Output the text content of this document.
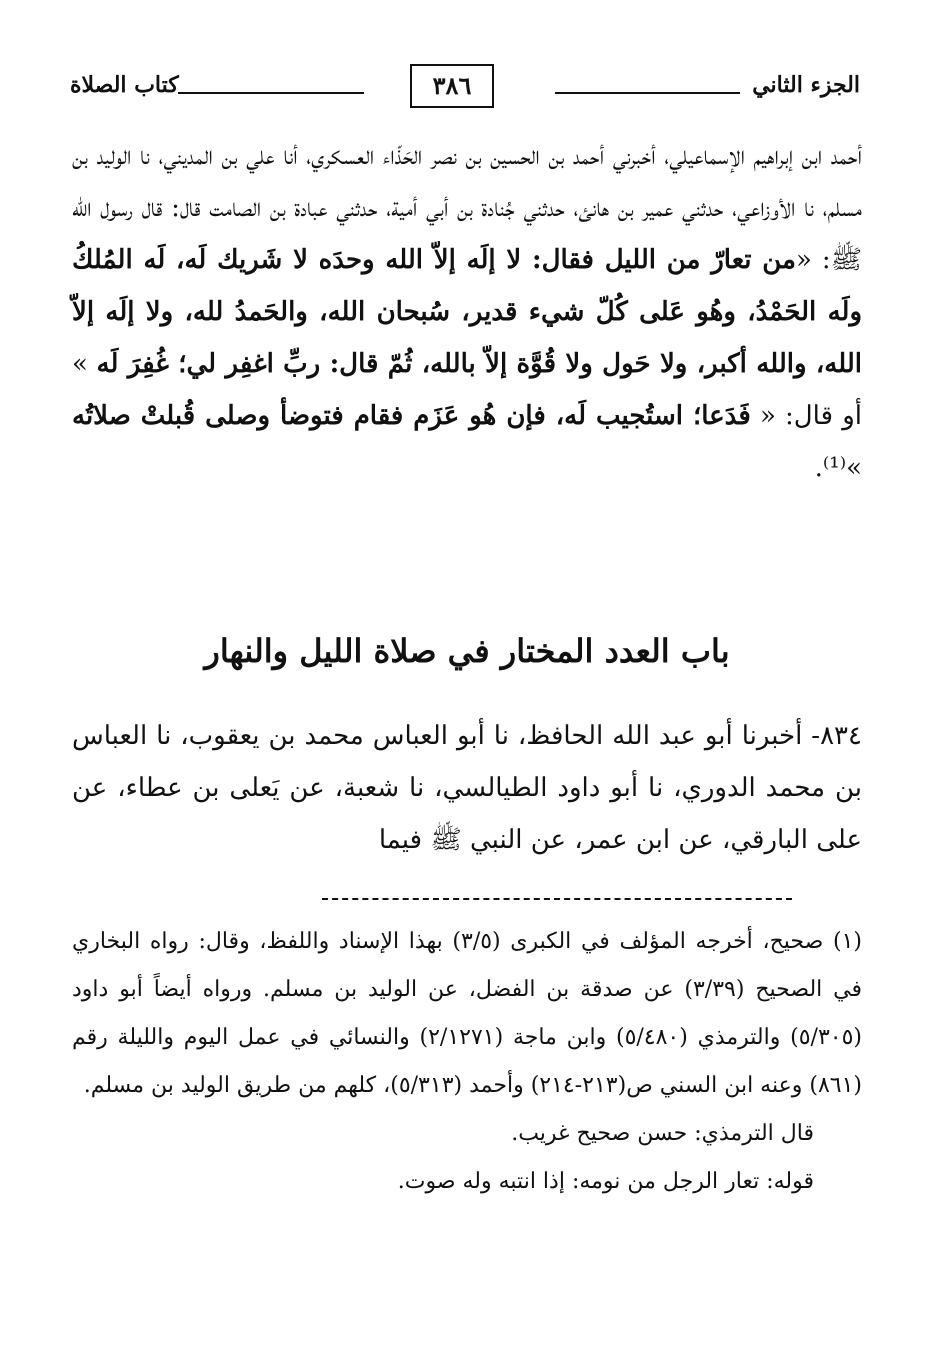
الجزء الثاني
٣٨٦
كتاب الصلاة

أحمد ابن إبراهيم الإسماعيلي، أخبرني أحمد بن الحسين بن نصر الحَذّاء العسكري، أنا علي بن المديني، نا الوليد بن مسلم، نا الأوزاعي، حدثني عمير بن هانئ، حدثني جُنادة بن أبي أمية، حدثني عبادة بن الصامت قال: قال رسول الله ﷺ: «من تعارّ من الليل فقال: لا إلَه إلاّ الله وحدَه لا شَريك لَه، لَه المُلكُ ولَه الحَمْدُ، وهُو عَلى كُلّ شيء قدير، سُبحان الله، والحَمدُ لله، ولا إلَه إلاّ الله، والله أكبر، ولا حَول ولا قُوَّة إلاّ بالله، ثُمّ قال: ربِّ اغفِر لي؛ غُفِرَ لَه » أو قال: « فَدَعا؛ استُجيب لَه، فإن هُو عَزَم فقام فتوضأ وصلى قُبلتْ صلاتُه »⁽¹⁾.

باب العدد المختار في صلاة الليل والنهار

٨٣٤- أخبرنا أبو عبد الله الحافظ، نا أبو العباس محمد بن يعقوب، نا العباس بن محمد الدوري، نا أبو داود الطيالسي، نا شعبة، عن يَعلى بن عطاء، عن على البارقي، عن ابن عمر، عن النبي ﷺ فيما

(١) صحيح، أخرجه المؤلف في الكبرى (٣/٥) بهذا الإسناد واللفظ، وقال: رواه البخاري في الصحيح (٣/٣٩) عن صدقة بن الفضل، عن الوليد بن مسلم. ورواه أيضاً أبو داود (٥/٣٠٥) والترمذي (٥/٤٨٠) وابن ماجة (٢/١٢٧١) والنسائي في عمل اليوم والليلة رقم (٨٦١) وعنه ابن السني ص(٢١٣-٢١٤) وأحمد (٥/٣١٣)، كلهم من طريق الوليد بن مسلم.

قال الترمذي: حسن صحيح غريب.

قوله: تعار الرجل من نومه: إذا انتبه وله صوت.
